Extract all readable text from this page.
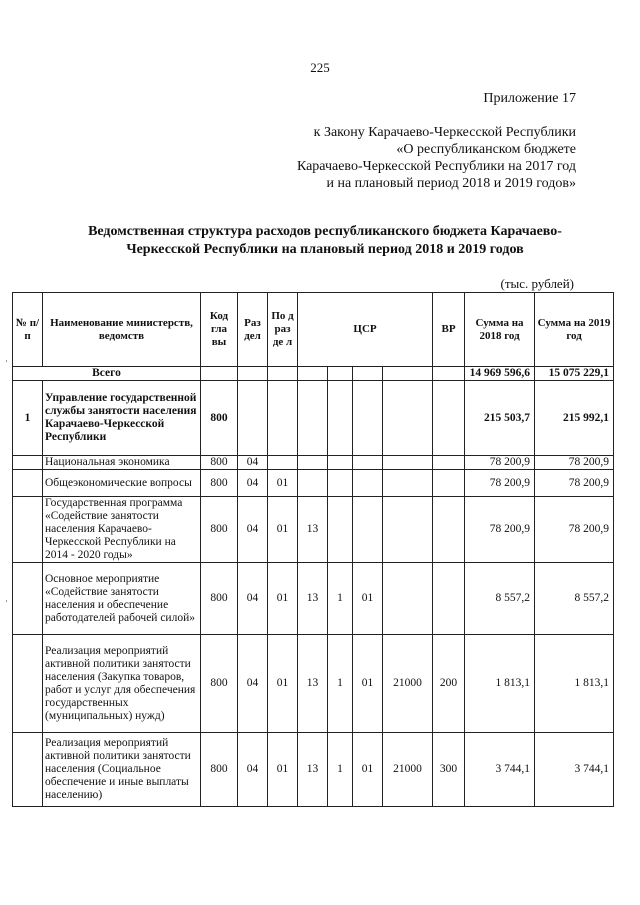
225
Приложение 17
к Закону Карачаево-Черкесской Республики
«О республиканском бюджете
Карачаево-Черкесской Республики на 2017 год
и на плановый период 2018 и 2019 годов»
Ведомственная структура расходов республиканского бюджета Карачаево-
Черкесской Республики на плановый период 2018 и 2019 годов
(тыс. рублей)
№ п/п	Наименование министерств, ведомств	Код гла вы	Раз дел	По д раз де л	ЦСР				ВР	Сумма на 2018 год	Сумма на 2019 год
Всего										14 969 596,6	15 075 229,1
1	Управление государственной службы занятости населения Карачаево-Черкесской Республики	800								215 503,7	215 992,1
	Национальная экономика	800	04							78 200,9	78 200,9
	Общеэкономические вопросы	800	04	01						78 200,9	78 200,9
	Государственная программа «Содействие занятости населения Карачаево-Черкесской Республики на 2014 - 2020 годы»	800	04	01	13					78 200,9	78 200,9
	Основное мероприятие «Содействие занятости населения и обеспечение работодателей рабочей силой»	800	04	01	13	1	01			8 557,2	8 557,2
	Реализация мероприятий активной политики занятости населения (Закупка товаров, работ и услуг для обеспечения государственных (муниципальных) нужд)	800	04	01	13	1	01	21000	200	1 813,1	1 813,1
	Реализация мероприятий активной политики занятости населения (Социальное обеспечение и иные выплаты населению)	800	04	01	13	1	01	21000	300	3 744,1	3 744,1
